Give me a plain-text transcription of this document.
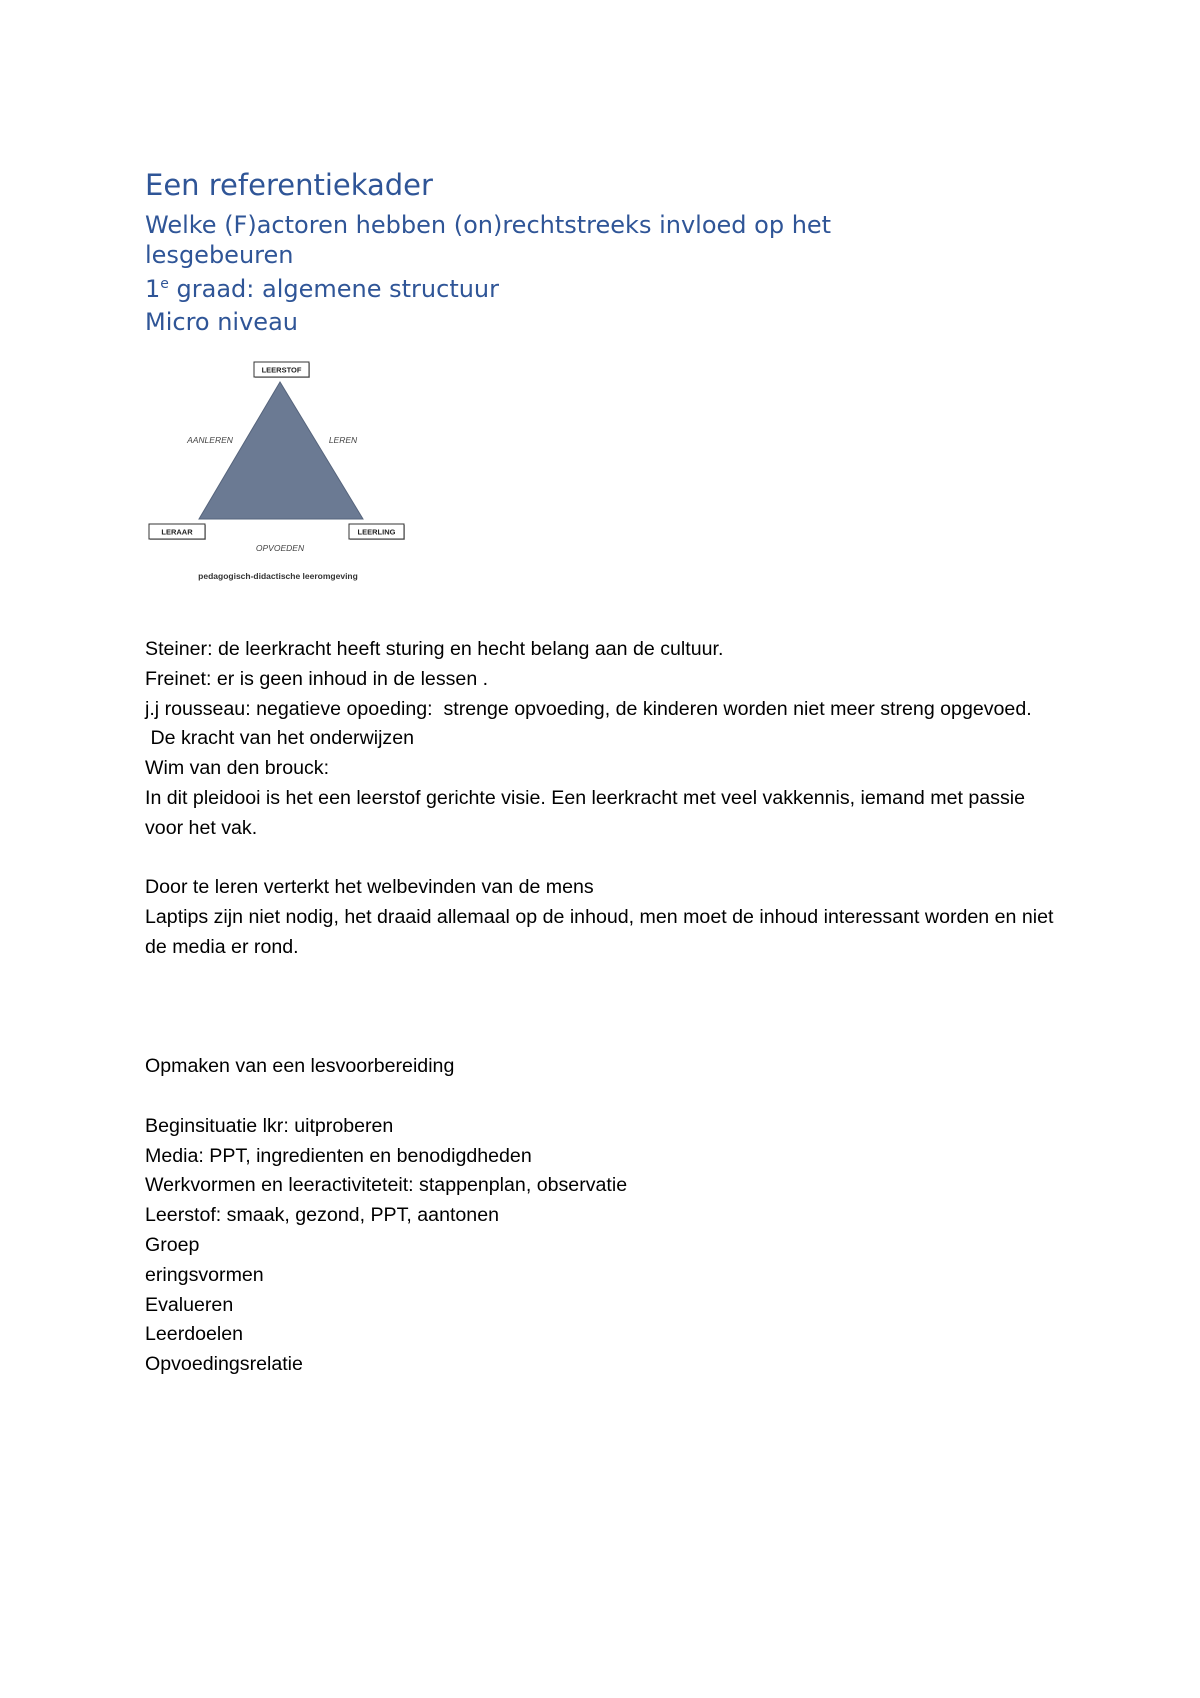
Een referentiekader
Welke (F)actoren hebben (on)rechtstreeks invloed op het lesgebeuren
1e graad: algemene structuur
Micro niveau
LEERSTOF
LERAAR	LEERLING
AANLEREN	LEREN
OPVOEDEN
pedagogisch-didactische leeromgeving

Steiner: de leerkracht heeft sturing en hecht belang aan de cultuur.

Freinet: er is geen inhoud in de lessen .

j.j rousseau: negatieve opoeding:  strenge opvoeding, de kinderen worden niet meer streng opgevoed.

De kracht van het onderwijzen

Wim van den brouck:

In dit pleidooi is het een leerstof gerichte visie. Een leerkracht met veel vakkennis, iemand met passie voor het vak.

Door te leren verterkt het welbevinden van de mens

Laptips zijn niet nodig, het draaid allemaal op de inhoud, men moet de inhoud interessant worden en niet de media er rond.

Opmaken van een lesvoorbereiding

Beginsituatie lkr: uitproberen

Media: PPT, ingredienten en benodigdheden

Werkvormen en leeractiviteteit: stappenplan, observatie

Leerstof: smaak, gezond, PPT, aantonen

Groep

eringsvormen

Evalueren

Leerdoelen

Opvoedingsrelatie
